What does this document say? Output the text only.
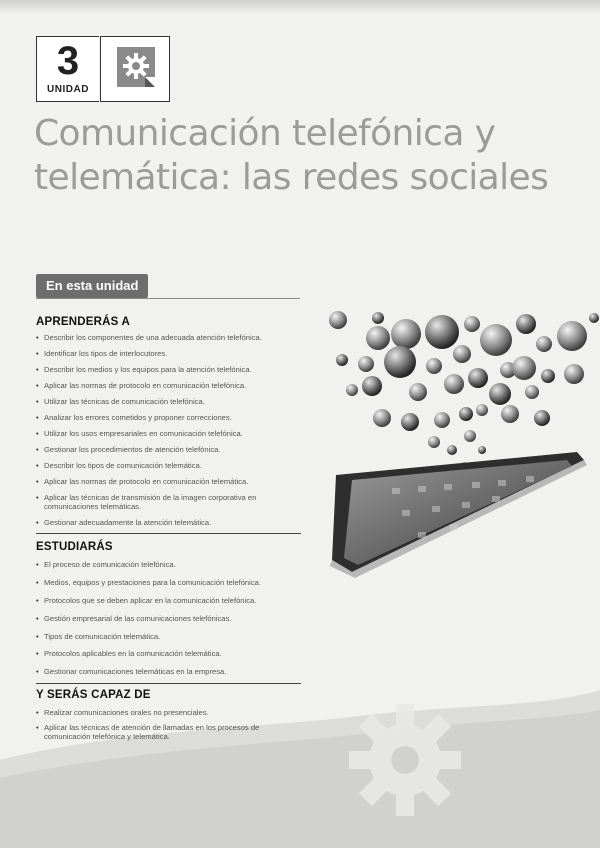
3
UNIDAD
Comunicación telefónica y
telemática: las redes sociales
En esta unidad
APRENDERÁS A
• Describir los componentes de una adecuada atención telefónica.
• Identificar los tipos de interlocutores.
• Describir los medios y los equipos para la atención telefónica.
• Aplicar las normas de protocolo en comunicación telefónica.
• Utilizar las técnicas de comunicación telefónica.
• Analizar los errores cometidos y proponer correcciones.
• Utilizar los usos empresariales en comunicación telefónica.
• Gestionar los procedimientos de atención telefónica.
• Describir los tipos de comunicación telemática.
• Aplicar las normas de protocolo en comunicación telemática.
• Aplicar las técnicas de transmisión de la imagen corporativa en comunicaciones telemáticas.
• Gestionar adecuadamente la atención telemática.
ESTUDIARÁS
• El proceso de comunicación telefónica.
• Medios, equipos y prestaciones para la comunicación telefónica.
• Protocolos que se deben aplicar en la comunicación telefónica.
• Gestión empresarial de las comunicaciones telefónicas.
• Tipos de comunicación telemática.
• Protocolos aplicables en la comunicación telemática.
• Gestionar comunicaciones telemáticas en la empresa.
Y SERÁS CAPAZ DE
• Realizar comunicaciones orales no presenciales.
• Aplicar las técnicas de atención de llamadas en los procesos de comunicación telefónica y telemática.
